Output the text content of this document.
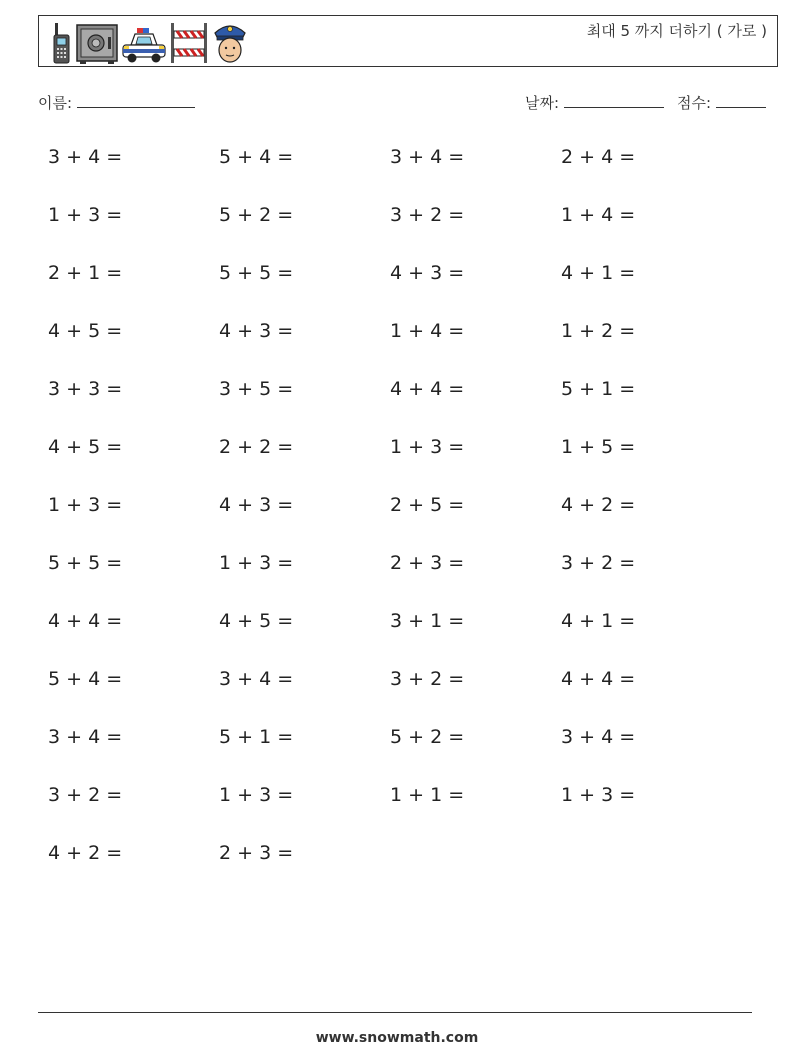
최대 5 까지 더하기 ( 가로 )
이름:	날짜:	점수:
3 + 4 =	5 + 4 =	3 + 4 =	2 + 4 =
1 + 3 =	5 + 2 =	3 + 2 =	1 + 4 =
2 + 1 =	5 + 5 =	4 + 3 =	4 + 1 =
4 + 5 =	4 + 3 =	1 + 4 =	1 + 2 =
3 + 3 =	3 + 5 =	4 + 4 =	5 + 1 =
4 + 5 =	2 + 2 =	1 + 3 =	1 + 5 =
1 + 3 =	4 + 3 =	2 + 5 =	4 + 2 =
5 + 5 =	1 + 3 =	2 + 3 =	3 + 2 =
4 + 4 =	4 + 5 =	3 + 1 =	4 + 1 =
5 + 4 =	3 + 4 =	3 + 2 =	4 + 4 =
3 + 4 =	5 + 1 =	5 + 2 =	3 + 4 =
3 + 2 =	1 + 3 =	1 + 1 =	1 + 3 =
4 + 2 =	2 + 3 =
www.snowmath.com
